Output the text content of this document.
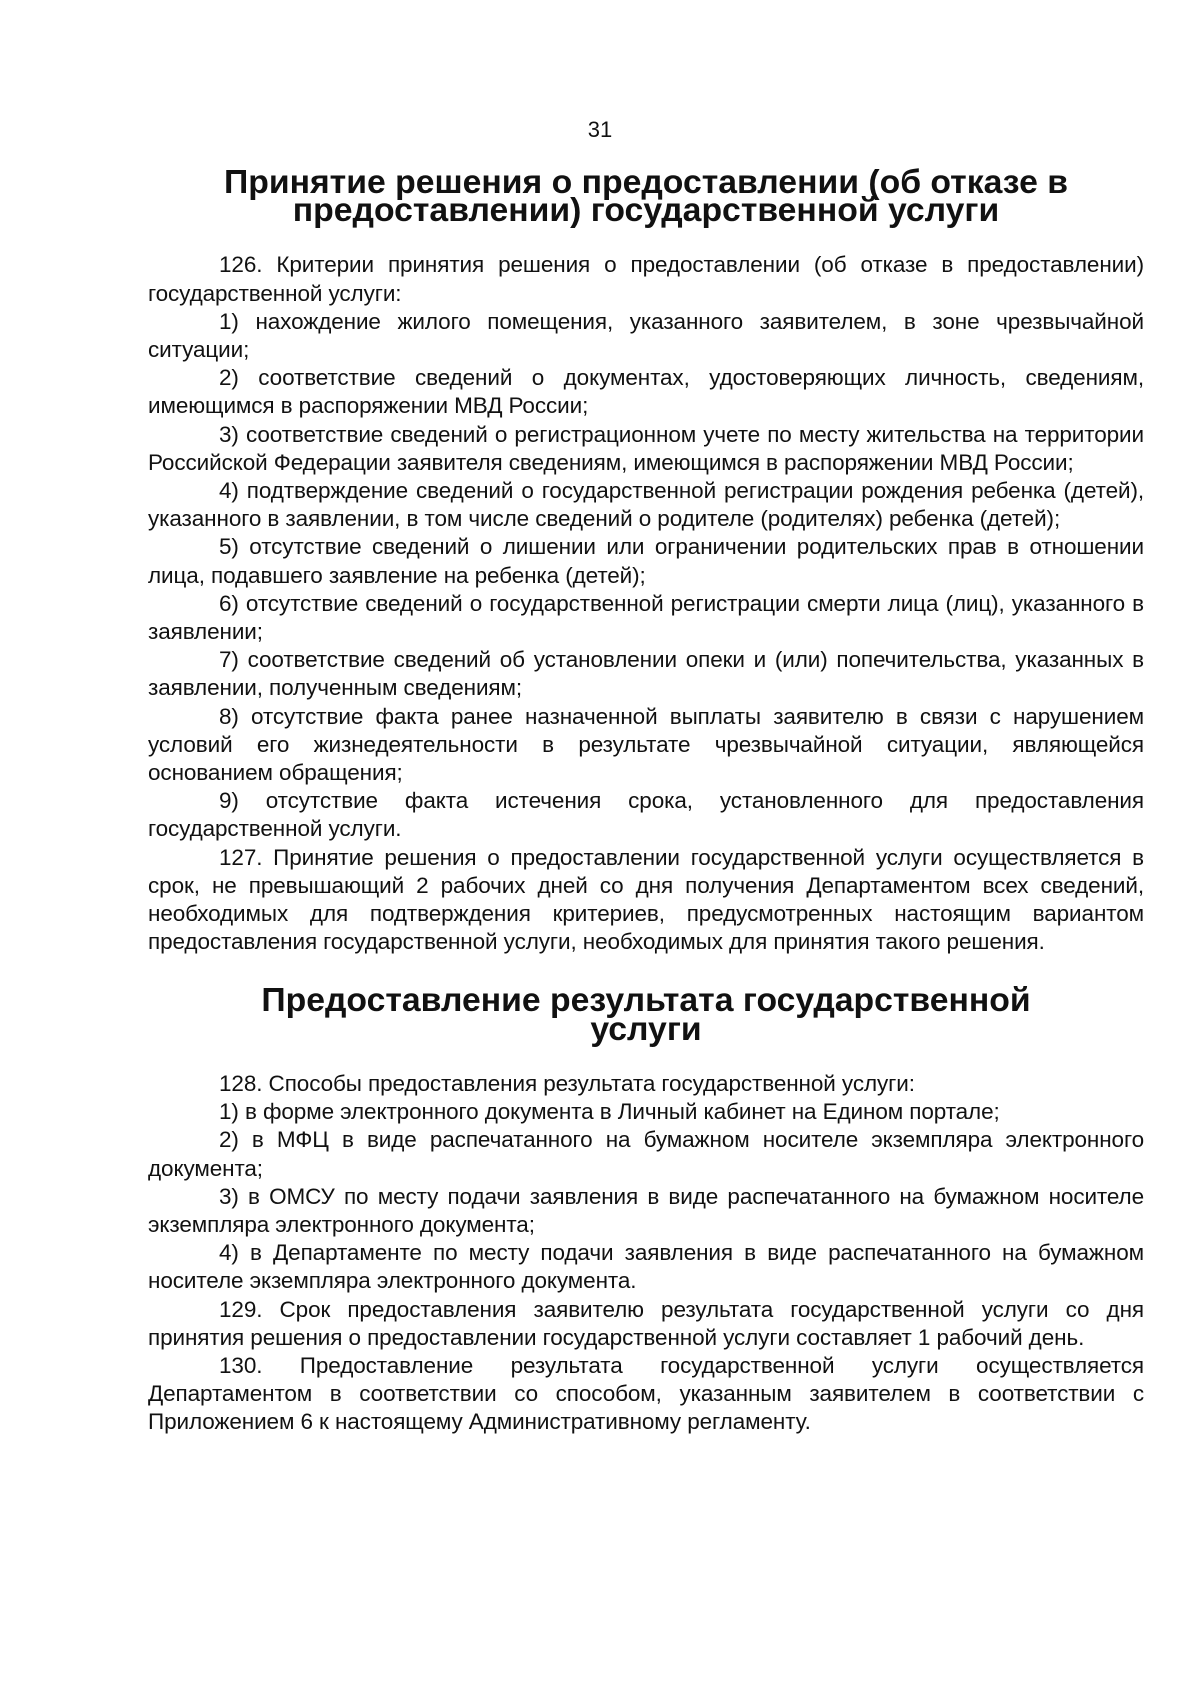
31
Принятие решения о предоставлении (об отказе в предоставлении) государственной услуги

126. Критерии принятия решения о предоставлении (об отказе в предоставлении) государственной услуги:

1) нахождение жилого помещения, указанного заявителем, в зоне чрезвычайной ситуации;

2) соответствие сведений о документах, удостоверяющих личность, сведениям, имеющимся в распоряжении МВД России;

3) соответствие сведений о регистрационном учете по месту жительства на территории Российской Федерации заявителя сведениям, имеющимся в распоряжении МВД России;

4) подтверждение сведений о государственной регистрации рождения ребенка (детей), указанного в заявлении, в том числе сведений о родителе (родителях) ребенка (детей);

5) отсутствие сведений о лишении или ограничении родительских прав в отношении лица, подавшего заявление на ребенка (детей);

6) отсутствие сведений о государственной регистрации смерти лица (лиц), указанного в заявлении;

7) соответствие сведений об установлении опеки и (или) попечительства, указанных в заявлении, полученным сведениям;

8) отсутствие факта ранее назначенной выплаты заявителю в связи с нарушением условий его жизнедеятельности в результате чрезвычайной ситуации, являющейся основанием обращения;

9) отсутствие факта истечения срока, установленного для предоставления государственной услуги.

127. Принятие решения о предоставлении государственной услуги осуществляется в срок, не превышающий 2 рабочих дней со дня получения Департаментом всех сведений, необходимых для подтверждения критериев, предусмотренных настоящим вариантом предоставления государственной услуги, необходимых для принятия такого решения.

Предоставление результата государственной услуги

128. Способы предоставления результата государственной услуги:

1) в форме электронного документа в Личный кабинет на Едином портале;

2) в МФЦ в виде распечатанного на бумажном носителе экземпляра электронного документа;

3) в ОМСУ по месту подачи заявления в виде распечатанного на бумажном носителе экземпляра электронного документа;

4) в Департаменте по месту подачи заявления в виде распечатанного на бумажном носителе экземпляра электронного документа.

129. Срок предоставления заявителю результата государственной услуги со дня принятия решения о предоставлении государственной услуги составляет 1 рабочий день.

130. Предоставление результата государственной услуги осуществляется Департаментом в соответствии со способом, указанным заявителем в соответствии с Приложением 6 к настоящему Административному регламенту.
